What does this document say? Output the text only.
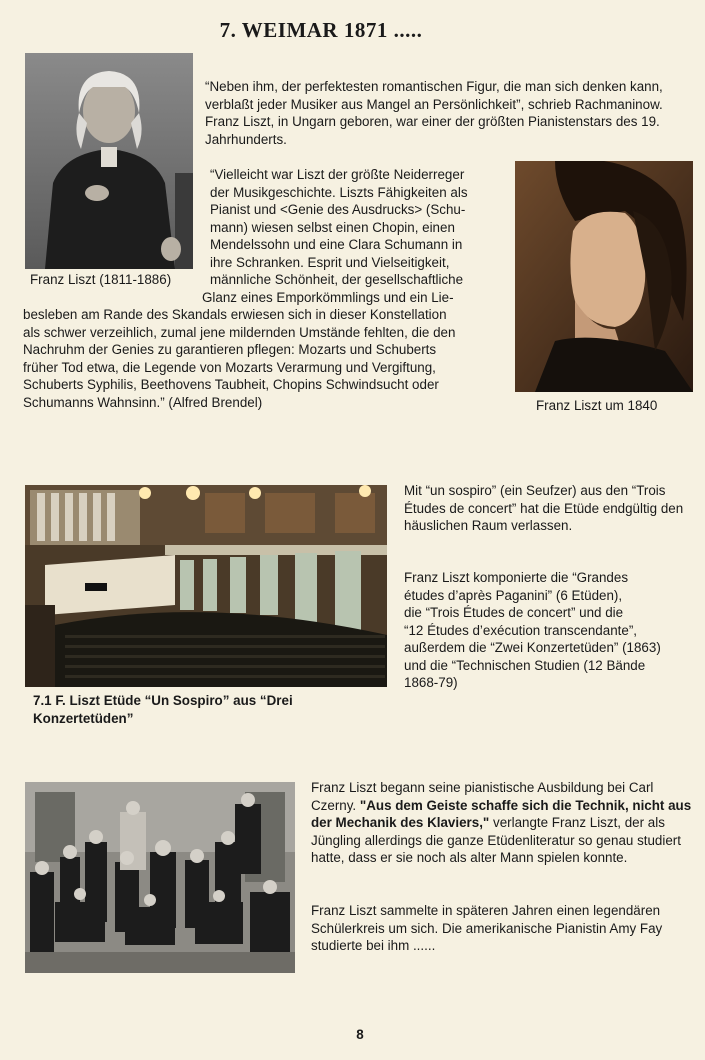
7. WEIMAR 1871 .....
Franz Liszt (1811-1886)

“Neben ihm, der perfektesten romantischen Figur, die man sich denken kann, verblaßt jeder Musiker aus Mangel an Persönlichkeit”, schrieb Rachmaninow. Franz Liszt, in Ungarn geboren, war einer der größten Pianistenstars des 19. Jahrhunderts.

“Vielleicht war Liszt der größte Neiderreger
der Musikgeschichte. Liszts Fähigkeiten als
Pianist und <Genie des Ausdrucks> (Schu-
mann) wiesen selbst einen Chopin, einen
Mendelssohn und eine Clara Schumann in
ihre Schranken. Esprit und Vielseitigkeit,
männliche Schönheit, der gesellschaftliche
Glanz eines Emporkömmlings und ein Lie-
besleben am Rande des Skandals erwiesen sich in dieser Konstellation
als schwer verzeihlich, zumal jene mildernden Umstände fehlten, die den
Nachruhm der Genies zu garantieren pflegen: Mozarts und Schuberts
früher Tod etwa, die Legende von Mozarts Verarmung und Vergiftung,
Schuberts Syphilis, Beethovens Taubheit, Chopins Schwindsucht oder
Schumanns Wahnsinn.” (Alfred Brendel)	Franz Liszt um 1840
7.1 F. Liszt Etüde “Un Sospiro” aus “Drei Konzertetüden”

Mit “un sospiro” (ein Seufzer) aus den “Trois Études de concert” hat die Etüde endgültig den häuslichen Raum verlassen.

Franz Liszt komponierte die “Grandes
études d’après Paganini” (6 Etüden),
die “Trois Études de concert” und die
“12 Études d’exécution transcendante”,
außerdem die “Zwei Konzertetüden” (1863)
und die “Technischen Studien (12 Bände
1868-79)

Franz Liszt begann seine pianistische Ausbildung bei Carl Czerny. "Aus dem Geiste schaffe sich die Technik, nicht aus der Mechanik des Klaviers," verlangte Franz Liszt, der als Jüngling allerdings die ganze Etüdenliteratur so genau studiert hatte, dass er sie noch als alter Mann spielen konnte.

Franz Liszt sammelte in späteren Jahren einen legendären Schülerkreis um sich. Die amerikanische Pianistin Amy Fay studierte bei ihm ......

8
